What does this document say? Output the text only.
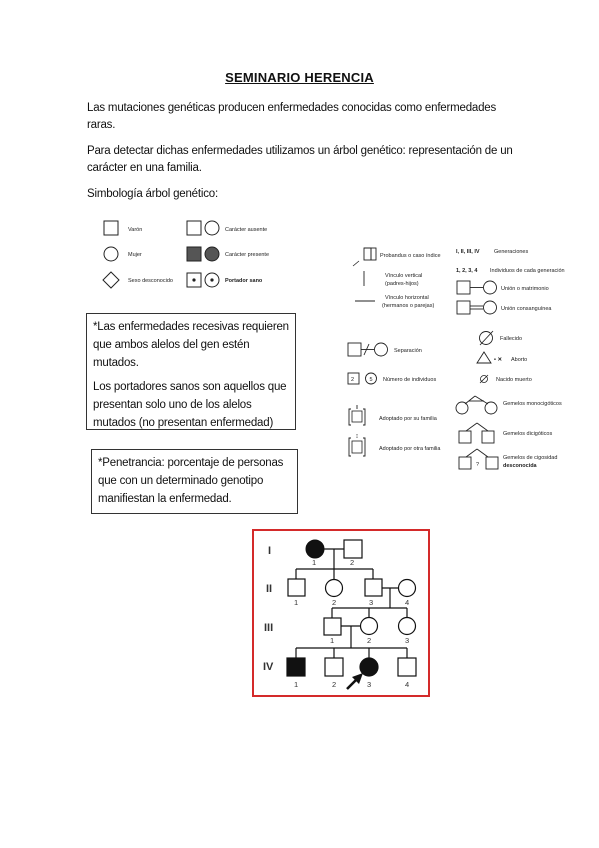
SEMINARIO HERENCIA
Las mutaciones genéticas producen enfermedades conocidas como enfermedades raras.
Para detectar dichas enfermedades utilizamos un árbol genético: representación de un carácter en una familia.
Simbología árbol genético:
Varón
Mujer
Sexo desconocido
Carácter ausente
Carácter presente
Portador sano
Probandus o caso índice
Vínculo vertical
(padres-hijos)
Vínculo horizontal
(hermanos o parejas)
I, II, III, IV	Generaciones
1, 2, 3, 4 Individuos de cada generación
Unión o matrimonio
Unión consanguínea
Fallecido
• ✕ Aborto
Nacido muerto
Separación
2	5 Número de individuos
Adoptado por su familia
Adoptado por otra familia
Gemelos monocigóticos
Gemelos dicigóticos
?
Gemelos de cigosidad
desconocida

*Las enfermedades recesivas requieren que ambos alelos del gen estén mutados.

Los portadores sanos son aquellos que presentan solo uno de los alelos mutados (no presentan enfermedad)

*Penetrancia: porcentaje de personas que con un determinado genotipo manifiestan la enfermedad.

I
II
III
IV
1	2
1	2	3	4
1	2	3
1	2	3	4
